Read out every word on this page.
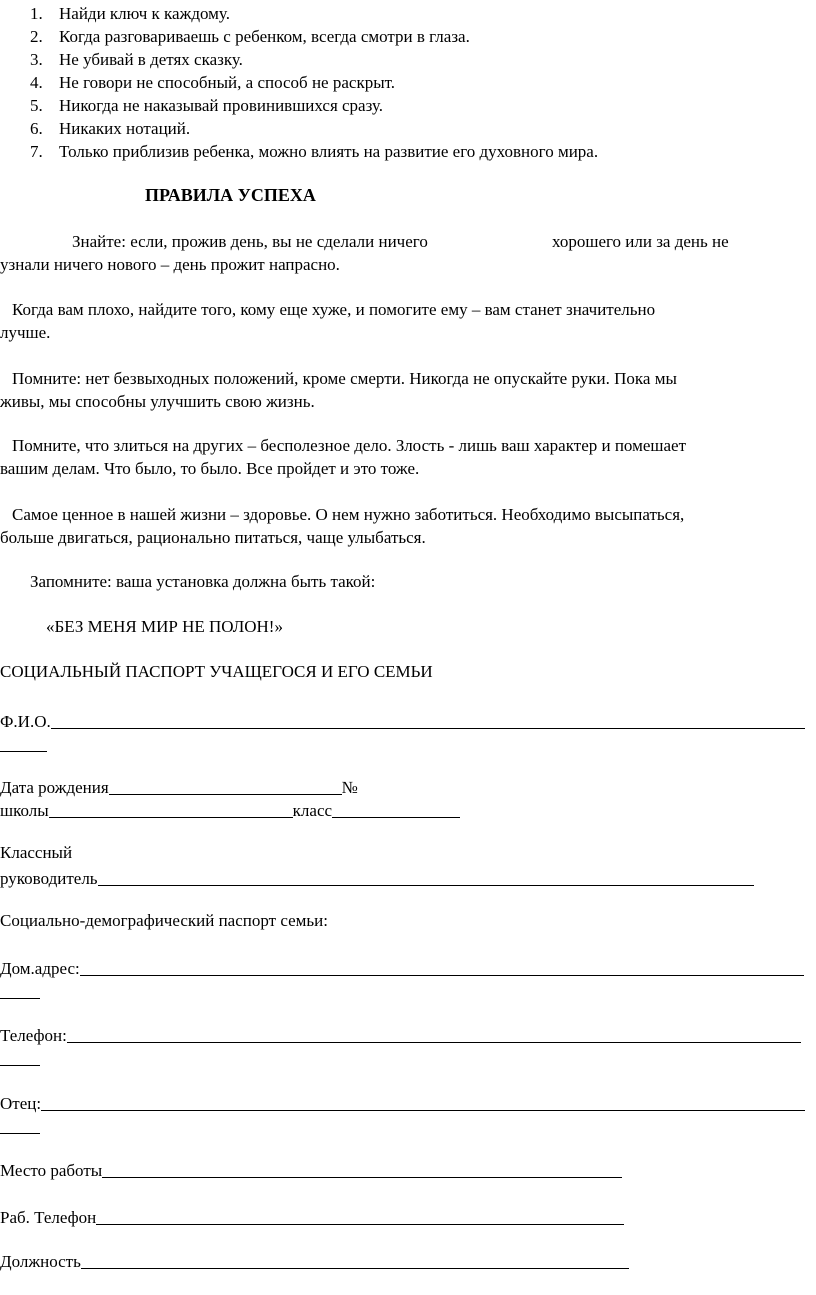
1. Найди ключ к каждому.
2. Когда разговариваешь с ребенком, всегда смотри в глаза.
3. Не убивай в детях сказку.
4. Не говори не способный, а способ не раскрыт.
5. Никогда не наказывай провинившихся сразу.
6. Никаких нотаций.
7. Только приблизив ребенка, можно влиять на развитие его духовного мира.
ПРАВИЛА УСПЕХА
Знайте: если, прожив день, вы не сделали ничего	хорошего или за день не
узнали ничего нового – день прожит напрасно.
Когда вам плохо, найдите того, кому еще хуже, и помогите ему – вам станет значительно
лучше.
Помните: нет безвыходных положений, кроме смерти. Никогда не опускайте руки. Пока мы
живы, мы способны улучшить свою жизнь.
Помните, что злиться на других – бесполезное дело. Злость - лишь ваш характер и помешает
вашим делам. Что было, то было. Все пройдет и это тоже.
Самое ценное в нашей жизни – здоровье. О нем нужно заботиться. Необходимо высыпаться,
больше двигаться, рационально питаться, чаще улыбаться.
Запомните: ваша установка должна быть такой:
«БЕЗ МЕНЯ МИР НЕ ПОЛОН!»
СОЦИАЛЬНЫЙ ПАСПОРТ УЧАЩЕГОСЯ И ЕГО СЕМЬИ
Ф.И.О.
Дата рождения	№
школы	класс
Классный
руководитель
Социально-демографический паспорт семьи:
Дом.адрес:
Телефон:
Отец:
Место работы
Раб. Телефон
Должность
